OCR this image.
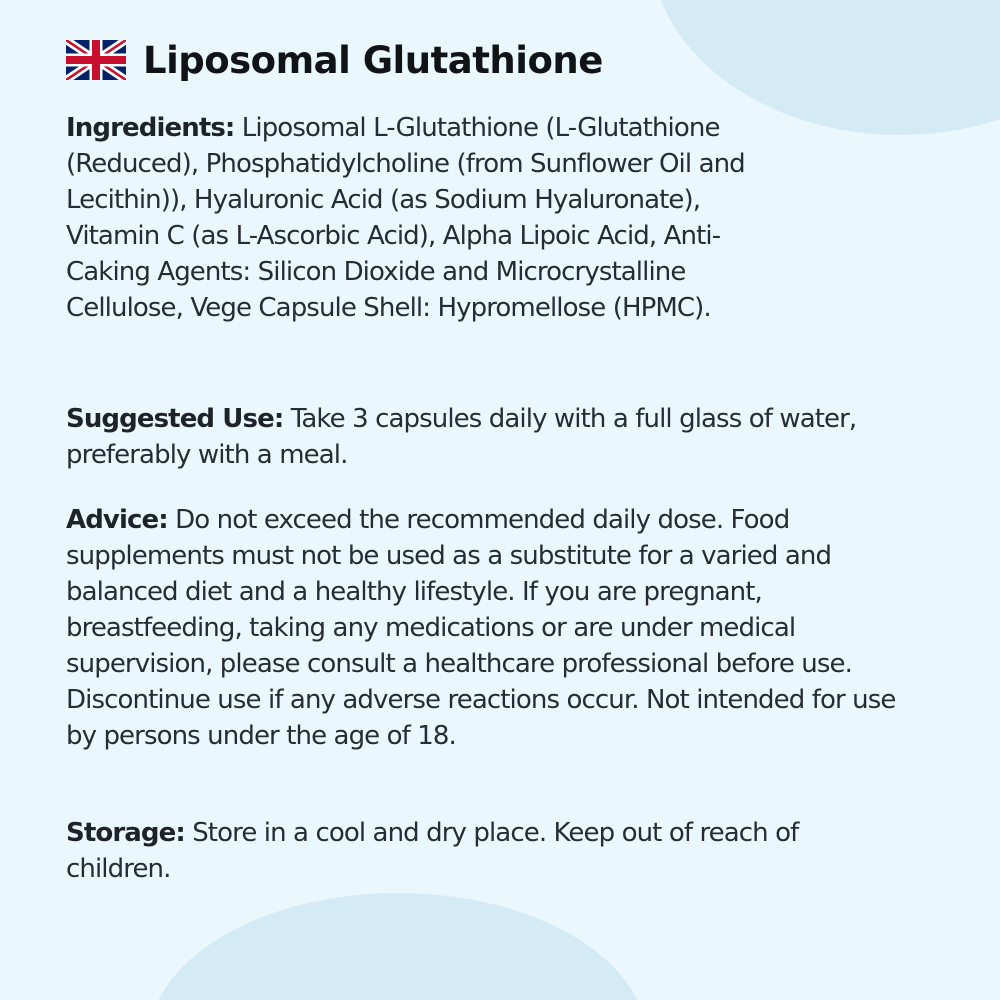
Liposomal Glutathione

Ingredients: Liposomal L-Glutathione (L-Glutathione (Reduced), Phosphatidylcholine (from Sunflower Oil and Lecithin)), Hyaluronic Acid (as Sodium Hyaluronate), Vitamin C (as L-Ascorbic Acid), Alpha Lipoic Acid, Anti-Caking Agents: Silicon Dioxide and Microcrystalline Cellulose, Vege Capsule Shell: Hypromellose (HPMC).

Suggested Use: Take 3 capsules daily with a full glass of water, preferably with a meal.

Advice: Do not exceed the recommended daily dose. Food supplements must not be used as a substitute for a varied and balanced diet and a healthy lifestyle. If you are pregnant, breastfeeding, taking any medications or are under medical supervision, please consult a healthcare professional before use. Discontinue use if any adverse reactions occur. Not intended for use by persons under the age of 18.

Storage: Store in a cool and dry place. Keep out of reach of children.
